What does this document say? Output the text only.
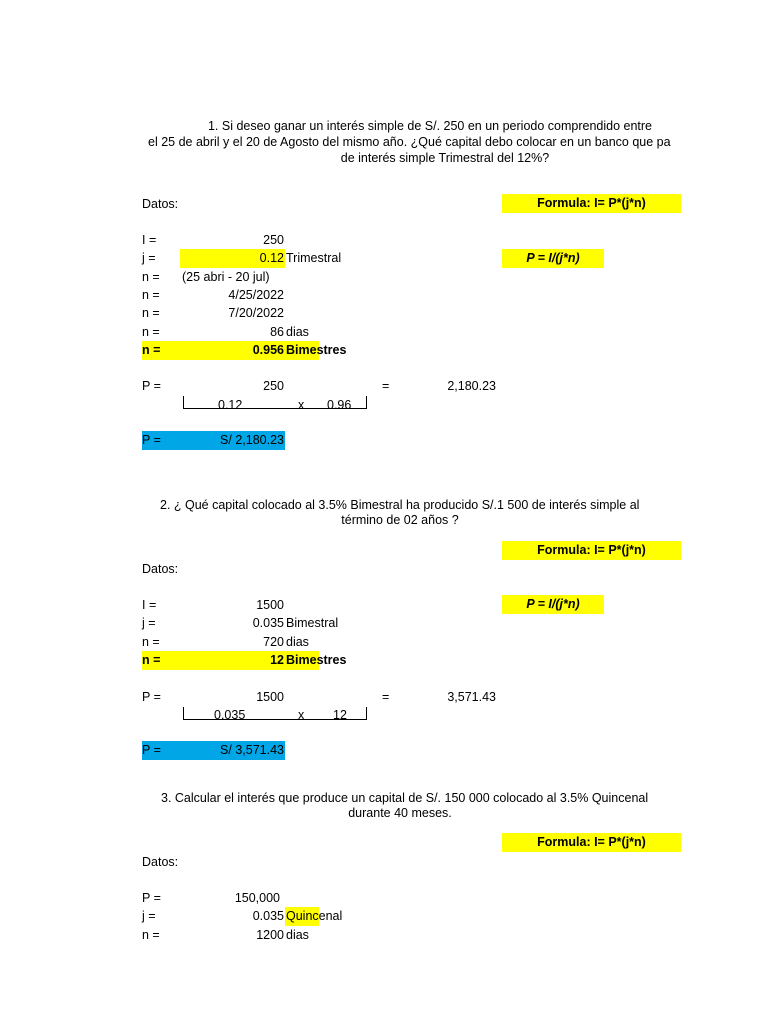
1. Si deseo ganar un interés simple de S/. 250 en un periodo comprendido entre
el 25 de abril y el 20 de Agosto del mismo año. ¿Qué capital debo colocar en un banco que pa
de interés simple Trimestral del 12%?
Datos:	Formula: I= P*(j*n)
I =	250
j =	0.12 Trimestral	P = I/(j*n)
n = (25 abri - 20 jul)
n =	4/25/2022
n =	7/20/2022
n =	86 dias
n =	0.956 Bimestres
P =	250	=	2,180.23
0.12	x 0.96
P =	S/ 2,180.23
2. ¿ Qué capital colocado al 3.5% Bimestral ha producido S/.1 500 de interés simple al
término de 02 años ?
Formula: I= P*(j*n)
Datos:
I =	1500	P = I/(j*n)
j =	0.035 Bimestral
n =	720 dias
n =	12 Bimestres
P =	1500	=	3,571.43
0.035	x 12
P =	S/ 3,571.43
3. Calcular el interés que produce un capital de S/. 150 000 colocado al 3.5% Quincenal
durante 40 meses.
Formula: I= P*(j*n)
Datos:
P =	150,000
j =	0.035 Quincenal
n =	1200 dias
